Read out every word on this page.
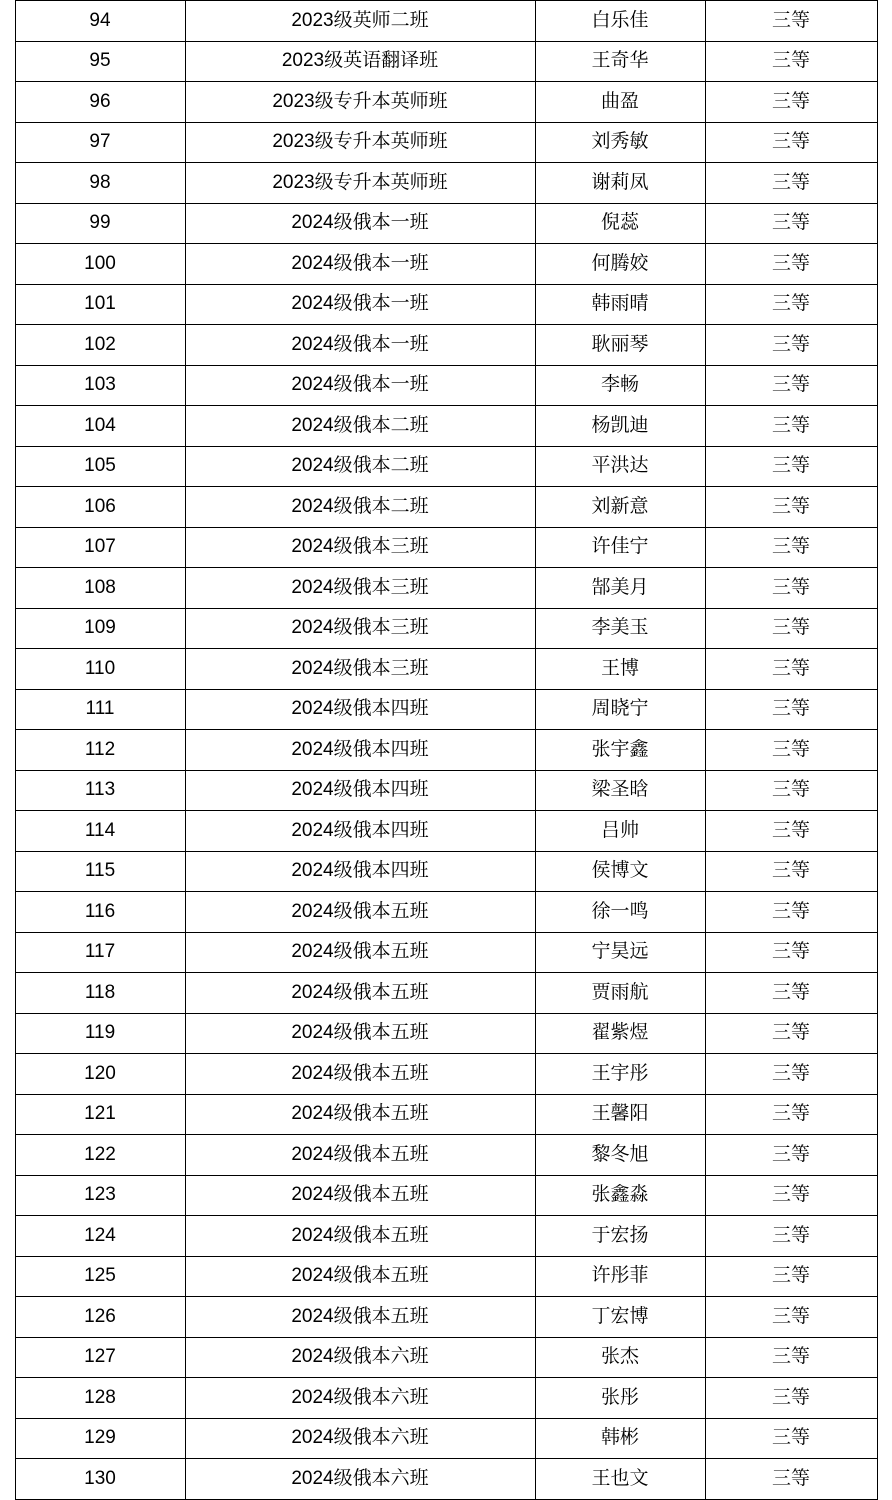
94	2023级英师二班	白乐佳	三等
95	2023级英语翻译班	王奇华	三等
96	2023级专升本英师班	曲盈	三等
97	2023级专升本英师班	刘秀敏	三等
98	2023级专升本英师班	谢莉凤	三等
99	2024级俄本一班	倪蕊	三等
100	2024级俄本一班	何腾姣	三等
101	2024级俄本一班	韩雨晴	三等
102	2024级俄本一班	耿丽琴	三等
103	2024级俄本一班	李畅	三等
104	2024级俄本二班	杨凯迪	三等
105	2024级俄本二班	平洪达	三等
106	2024级俄本二班	刘新意	三等
107	2024级俄本三班	许佳宁	三等
108	2024级俄本三班	郜美月	三等
109	2024级俄本三班	李美玉	三等
110	2024级俄本三班	王博	三等
111	2024级俄本四班	周晓宁	三等
112	2024级俄本四班	张宇鑫	三等
113	2024级俄本四班	梁圣晗	三等
114	2024级俄本四班	吕帅	三等
115	2024级俄本四班	侯博文	三等
116	2024级俄本五班	徐一鸣	三等
117	2024级俄本五班	宁昊远	三等
118	2024级俄本五班	贾雨航	三等
119	2024级俄本五班	翟紫煜	三等
120	2024级俄本五班	王宇彤	三等
121	2024级俄本五班	王馨阳	三等
122	2024级俄本五班	黎冬旭	三等
123	2024级俄本五班	张鑫淼	三等
124	2024级俄本五班	于宏扬	三等
125	2024级俄本五班	许彤菲	三等
126	2024级俄本五班	丁宏博	三等
127	2024级俄本六班	张杰	三等
128	2024级俄本六班	张彤	三等
129	2024级俄本六班	韩彬	三等
130	2024级俄本六班	王也文	三等
